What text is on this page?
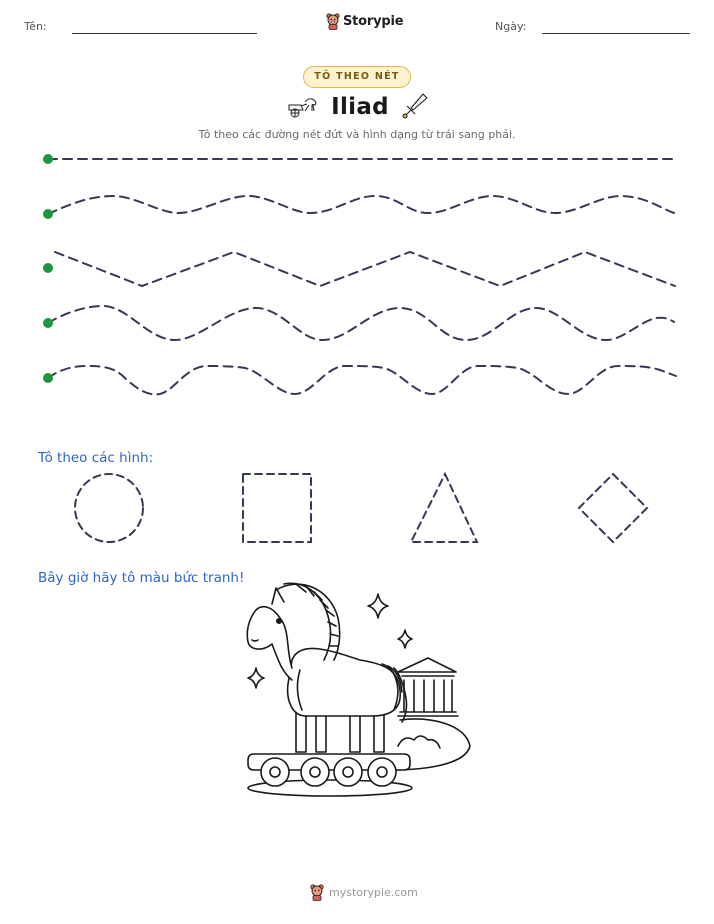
Tên:	Storypie	Ngày:
TÔ THEO NÉT
Iliad
Tô theo các đường nét đứt và hình dạng từ trái sang phải.
Tô theo các hình:
Bây giờ hãy tô màu bức tranh!
mystorypie.com
